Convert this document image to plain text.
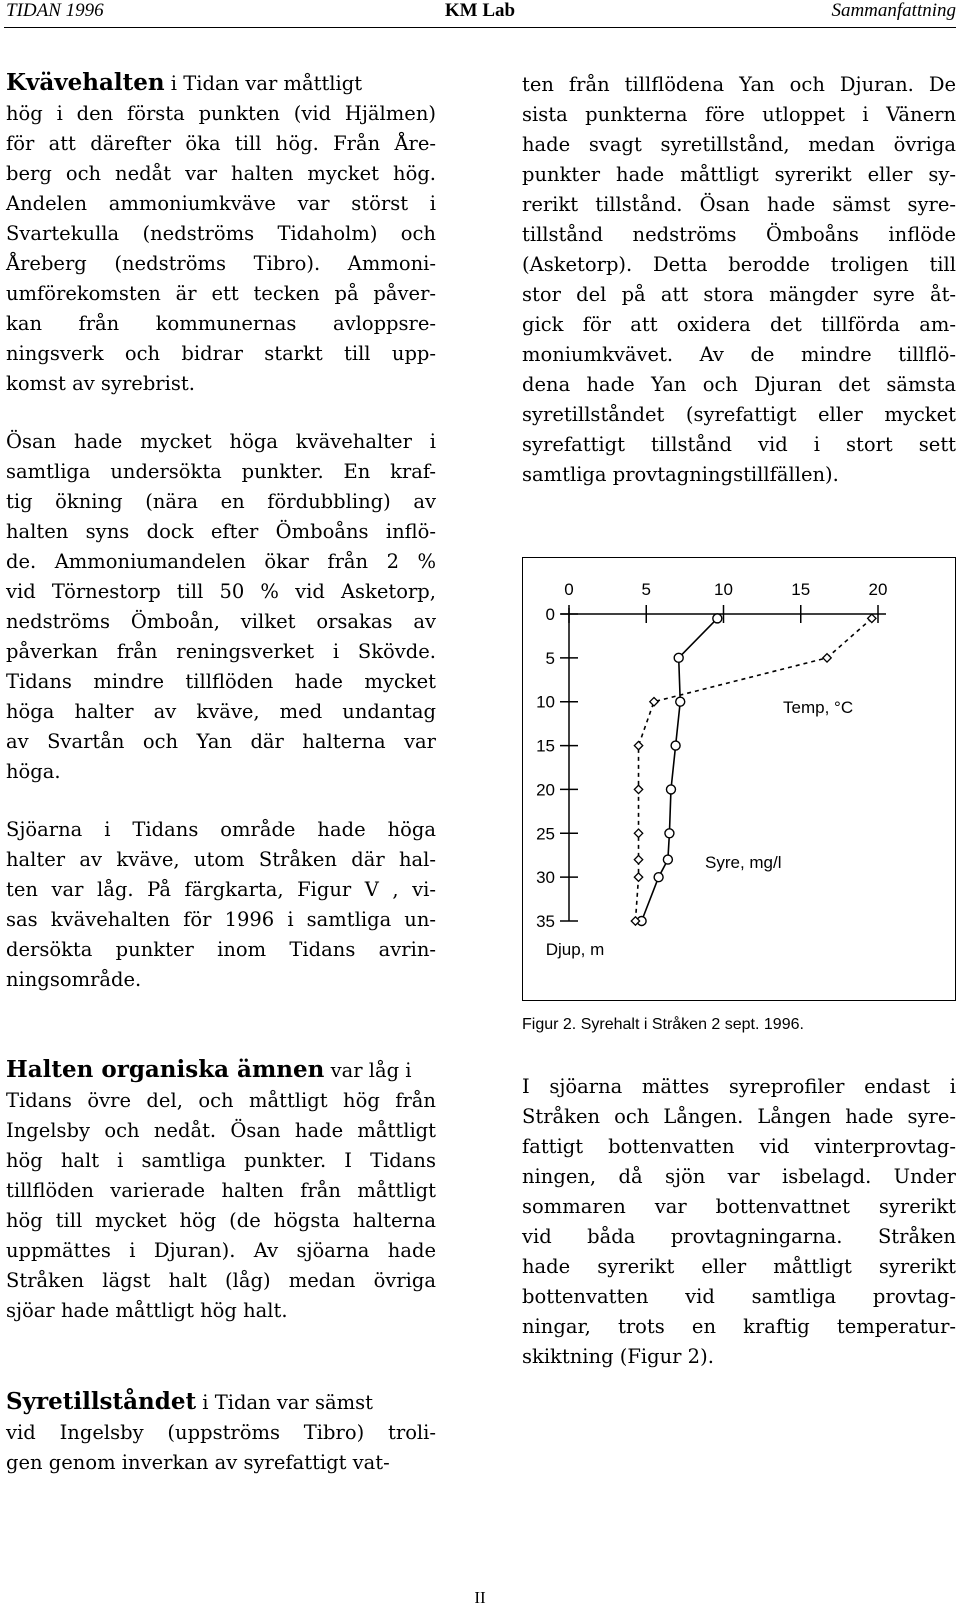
TIDAN 1996	KM Lab	Sammanfattning

Kvävehalten i Tidan var måttligt
hög i den första punkten (vid Hjälmen)
för att därefter öka till hög. Från Åre-
berg och nedåt var halten mycket hög.
Andelen ammoniumkväve var störst i
Svartekulla (nedströms Tidaholm) och
Åreberg (nedströms Tibro). Ammoni-
umförekomsten är ett tecken på påver-
kan från kommunernas avloppsre-
ningsverk och bidrar starkt till upp-
komst av syrebrist.

Ösan hade mycket höga kvävehalter i
samtliga undersökta punkter. En kraf-
tig ökning (nära en fördubbling) av
halten syns dock efter Ömboåns inflö-
de. Ammoniumandelen ökar från 2 %
vid Törnestorp till 50 % vid Asketorp,
nedströms Ömboån, vilket orsakas av
påverkan från reningsverket i Skövde.
Tidans mindre tillflöden hade mycket
höga halter av kväve, med undantag
av Svartån och Yan där halterna var
höga.

Sjöarna i Tidans område hade höga
halter av kväve, utom Stråken där hal-
ten var låg. På färgkarta, Figur V , vi-
sas kvävehalten för 1996 i samtliga un-
dersökta punkter inom Tidans avrin-
ningsområde.

Halten organiska ämnen var låg i
Tidans övre del, och måttligt hög från
Ingelsby och nedåt. Ösan hade måttligt
hög halt i samtliga punkter. I Tidans
tillflöden varierade halten från måttligt
hög till mycket hög (de högsta halterna
uppmättes i Djuran). Av sjöarna hade
Stråken lägst halt (låg) medan övriga
sjöar hade måttligt hög halt.

Syretillståndet i Tidan var sämst
vid Ingelsby (uppströms Tibro) troli-
gen genom inverkan av syrefattigt vat-

ten från tillflödena Yan och Djuran. De
sista punkterna före utloppet i Vänern
hade svagt syretillstånd, medan övriga
punkter hade måttligt syrerikt eller sy-
rerikt tillstånd. Ösan hade sämst syre-
tillstånd nedströms Ömboåns inflöde
(Asketorp). Detta berodde troligen till
stor del på att stora mängder syre åt-
gick för att oxidera det tillförda am-
moniumkvävet. Av de mindre tillflö-
dena hade Yan och Djuran det sämsta
syretillståndet (syrefattigt eller mycket
syrefattigt tillstånd vid i stort sett
samtliga provtagningstillfällen).

I sjöarna mättes syreprofiler endast i
Stråken och Lången. Lången hade syre-
fattigt bottenvatten vid vinterprovtag-
ningen, då sjön var isbelagd. Under
sommaren var bottenvattnet syrerikt
vid båda provtagningarna. Stråken
hade syrerikt eller måttligt syrerikt
bottenvatten vid samtliga provtag-
ningar, trots en kraftig temperatur-
skiktning (Figur 2).

0	5	10	15	20
0
5
10
15
20
25
30
35
Djup, m
Syre, mg/l
Temp, °C
Figur 2. Syrehalt i Stråken 2 sept. 1996.
II
